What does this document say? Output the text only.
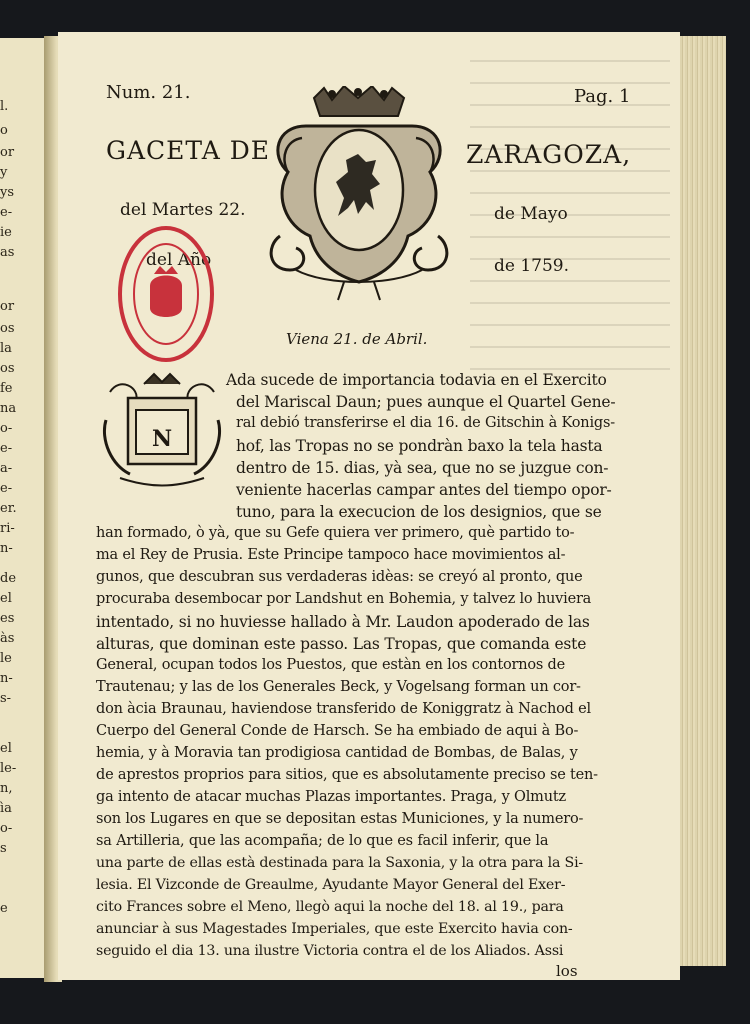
l.
o
or
y
ys
e-
ie
as
or
os
la
os
fe
na
o-
e-
a-
e-
er.
ri-
n-
de
el
es
às
le
n-
s-
el
le-
n,
ìa
o-
s
e
Num. 21.	Pag. 1
GACETA DE	ZARAGOZA,
del Martes 22.	de Mayo
del Año	de 1759.
Viena 21. de Abril.
N
Ada sucede de importancia todavia en el Exercito
del Mariscal Daun; pues aunque el Quartel Gene-
ral debió transferirse el dia 16. de Gitschin à Konigs-
hof, las Tropas no se pondràn baxo la tela hasta
dentro de 15. dias, yà sea, que no se juzgue con-
veniente hacerlas campar antes del tiempo opor-
tuno, para la execucion de los designios, que se
han formado, ò yà, que su Gefe quiera ver primero, què partido to-
ma el Rey de Prusia. Este Principe tampoco hace movimientos al-
gunos, que descubran sus verdaderas idèas: se creyó al pronto, que
procuraba desembocar por Landshut en Bohemia, y talvez lo huviera
intentado, si no huviesse hallado à Mr. Laudon apoderado de las
alturas, que dominan este passo. Las Tropas, que comanda este
General, ocupan todos los Puestos, que estàn en los contornos de
Trautenau; y las de los Generales Beck, y Vogelsang forman un cor-
don àcia Braunau, haviendose transferido de Koniggratz à Nachod el
Cuerpo del General Conde de Harsch. Se ha embiado de aqui à Bo-
hemia, y à Moravia tan prodigiosa cantidad de Bombas, de Balas, y
de aprestos proprios para sitios, que es absolutamente preciso se ten-
ga intento de atacar muchas Plazas importantes. Praga, y Olmutz
son los Lugares en que se depositan estas Municiones, y la numero-
sa Artilleria, que las acompaña; de lo que es facil inferir, que la
una parte de ellas està destinada para la Saxonia, y la otra para la Si-
lesia. El Vizconde de Greaulme, Ayudante Mayor General del Exer-
cito Frances sobre el Meno, llegò aqui la noche del 18. al 19., para
anunciar à sus Magestades Imperiales, que este Exercito havia con-
seguido el dia 13. una ilustre Victoria contra el de los Aliados. Assi
los
